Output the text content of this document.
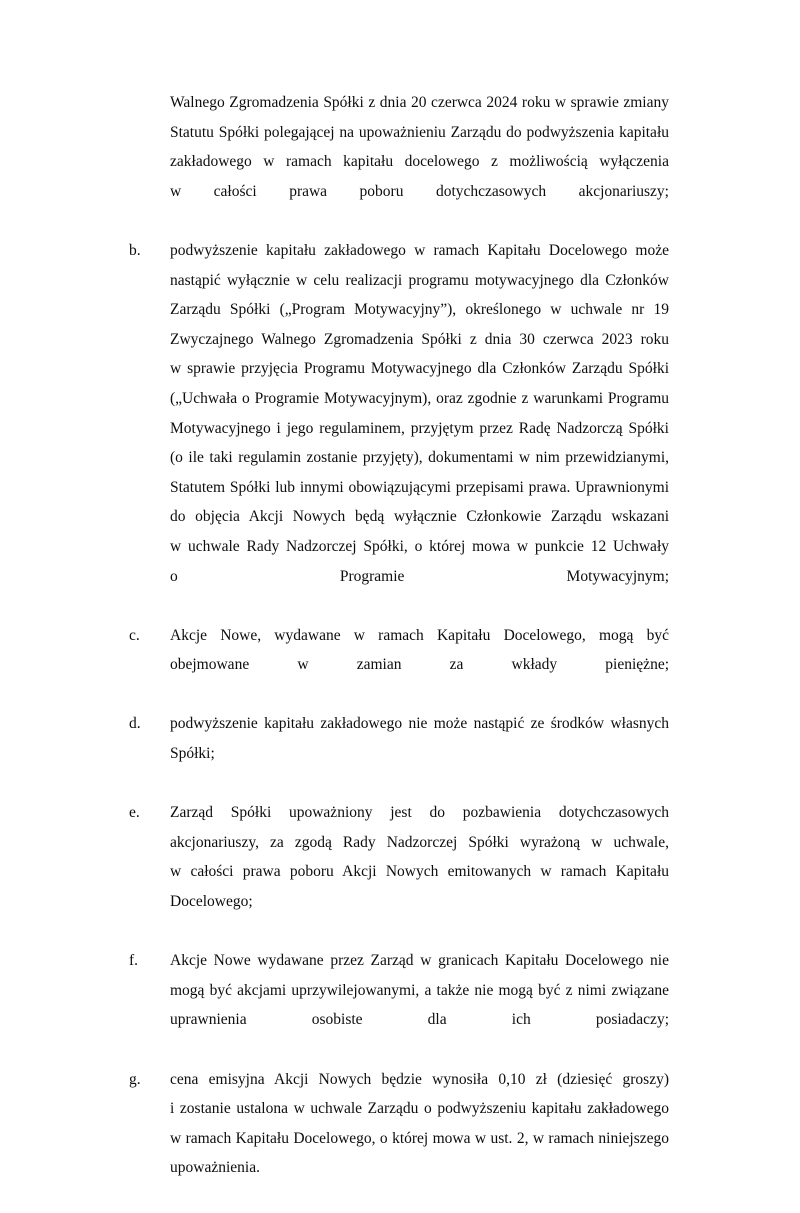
Walnego Zgromadzenia Spółki z dnia 20 czerwca 2024 roku w sprawie zmiany Statutu Spółki polegającej na upoważnieniu Zarządu do podwyższenia kapitału zakładowego w ramach kapitału docelowego z możliwością wyłączenia w całości prawa poboru dotychczasowych akcjonariuszy;

b.	podwyższenie kapitału zakładowego w ramach Kapitału Docelowego może nastąpić wyłącznie w celu realizacji programu motywacyjnego dla Członków Zarządu Spółki („Program Motywacyjny”), określonego w uchwale nr 19 Zwyczajnego Walnego Zgromadzenia Spółki z dnia 30 czerwca 2023 roku w sprawie przyjęcia Programu Motywacyjnego dla Członków Zarządu Spółki („Uchwała o Programie Motywacyjnym), oraz zgodnie z warunkami Programu Motywacyjnego i jego regulaminem, przyjętym przez Radę Nadzorczą Spółki (o ile taki regulamin zostanie przyjęty), dokumentami w nim przewidzianymi, Statutem Spółki lub innymi obowiązującymi przepisami prawa. Uprawnionymi do objęcia Akcji Nowych będą wyłącznie Członkowie Zarządu wskazani w uchwale Rady Nadzorczej Spółki, o której mowa w punkcie 12 Uchwały o Programie Motywacyjnym;
c.	Akcje Nowe, wydawane w ramach Kapitału Docelowego, mogą być obejmowane w zamian za wkłady pieniężne;
d.	podwyższenie kapitału zakładowego nie może nastąpić ze środków własnych Spółki;
e.	Zarząd Spółki upoważniony jest do pozbawienia dotychczasowych akcjonariuszy, za zgodą Rady Nadzorczej Spółki wyrażoną w uchwale, w całości prawa poboru Akcji Nowych emitowanych w ramach Kapitału Docelowego;
f.	Akcje Nowe wydawane przez Zarząd w granicach Kapitału Docelowego nie mogą być akcjami uprzywilejowanymi, a także nie mogą być z nimi związane uprawnienia osobiste dla ich posiadaczy;
g.	cena emisyjna Akcji Nowych będzie wynosiła 0,10 zł (dziesięć groszy) i zostanie ustalona w uchwale Zarządu o podwyższeniu kapitału zakładowego w ramach Kapitału Docelowego, o której mowa w ust. 2, w ramach niniejszego upoważnienia.
